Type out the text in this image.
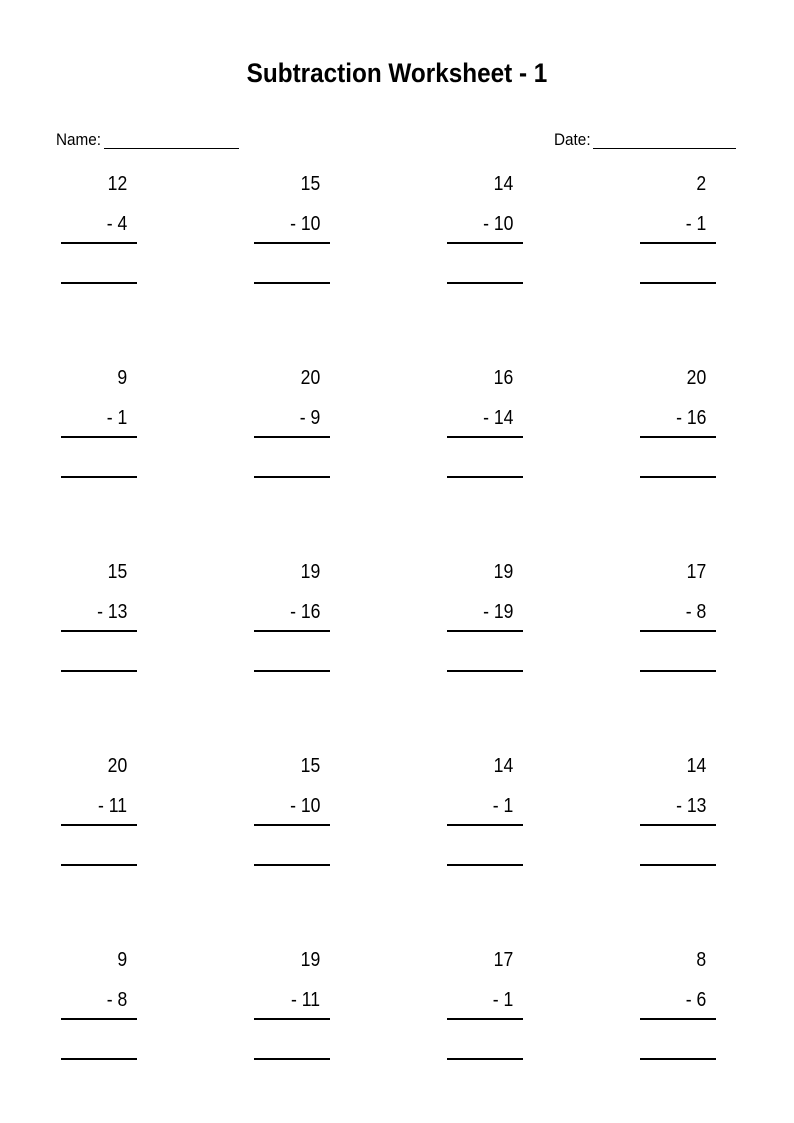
Subtraction Worksheet - 1
Name:	Date:
12
- 4
15
- 10
14
- 10
2
- 1
9
- 1
20
- 9
16
- 14
20
- 16
15
- 13
19
- 16
19
- 19
17
- 8
20
- 11
15
- 10
14
- 1
14
- 13
9
- 8
19
- 11
17
- 1
8
- 6
